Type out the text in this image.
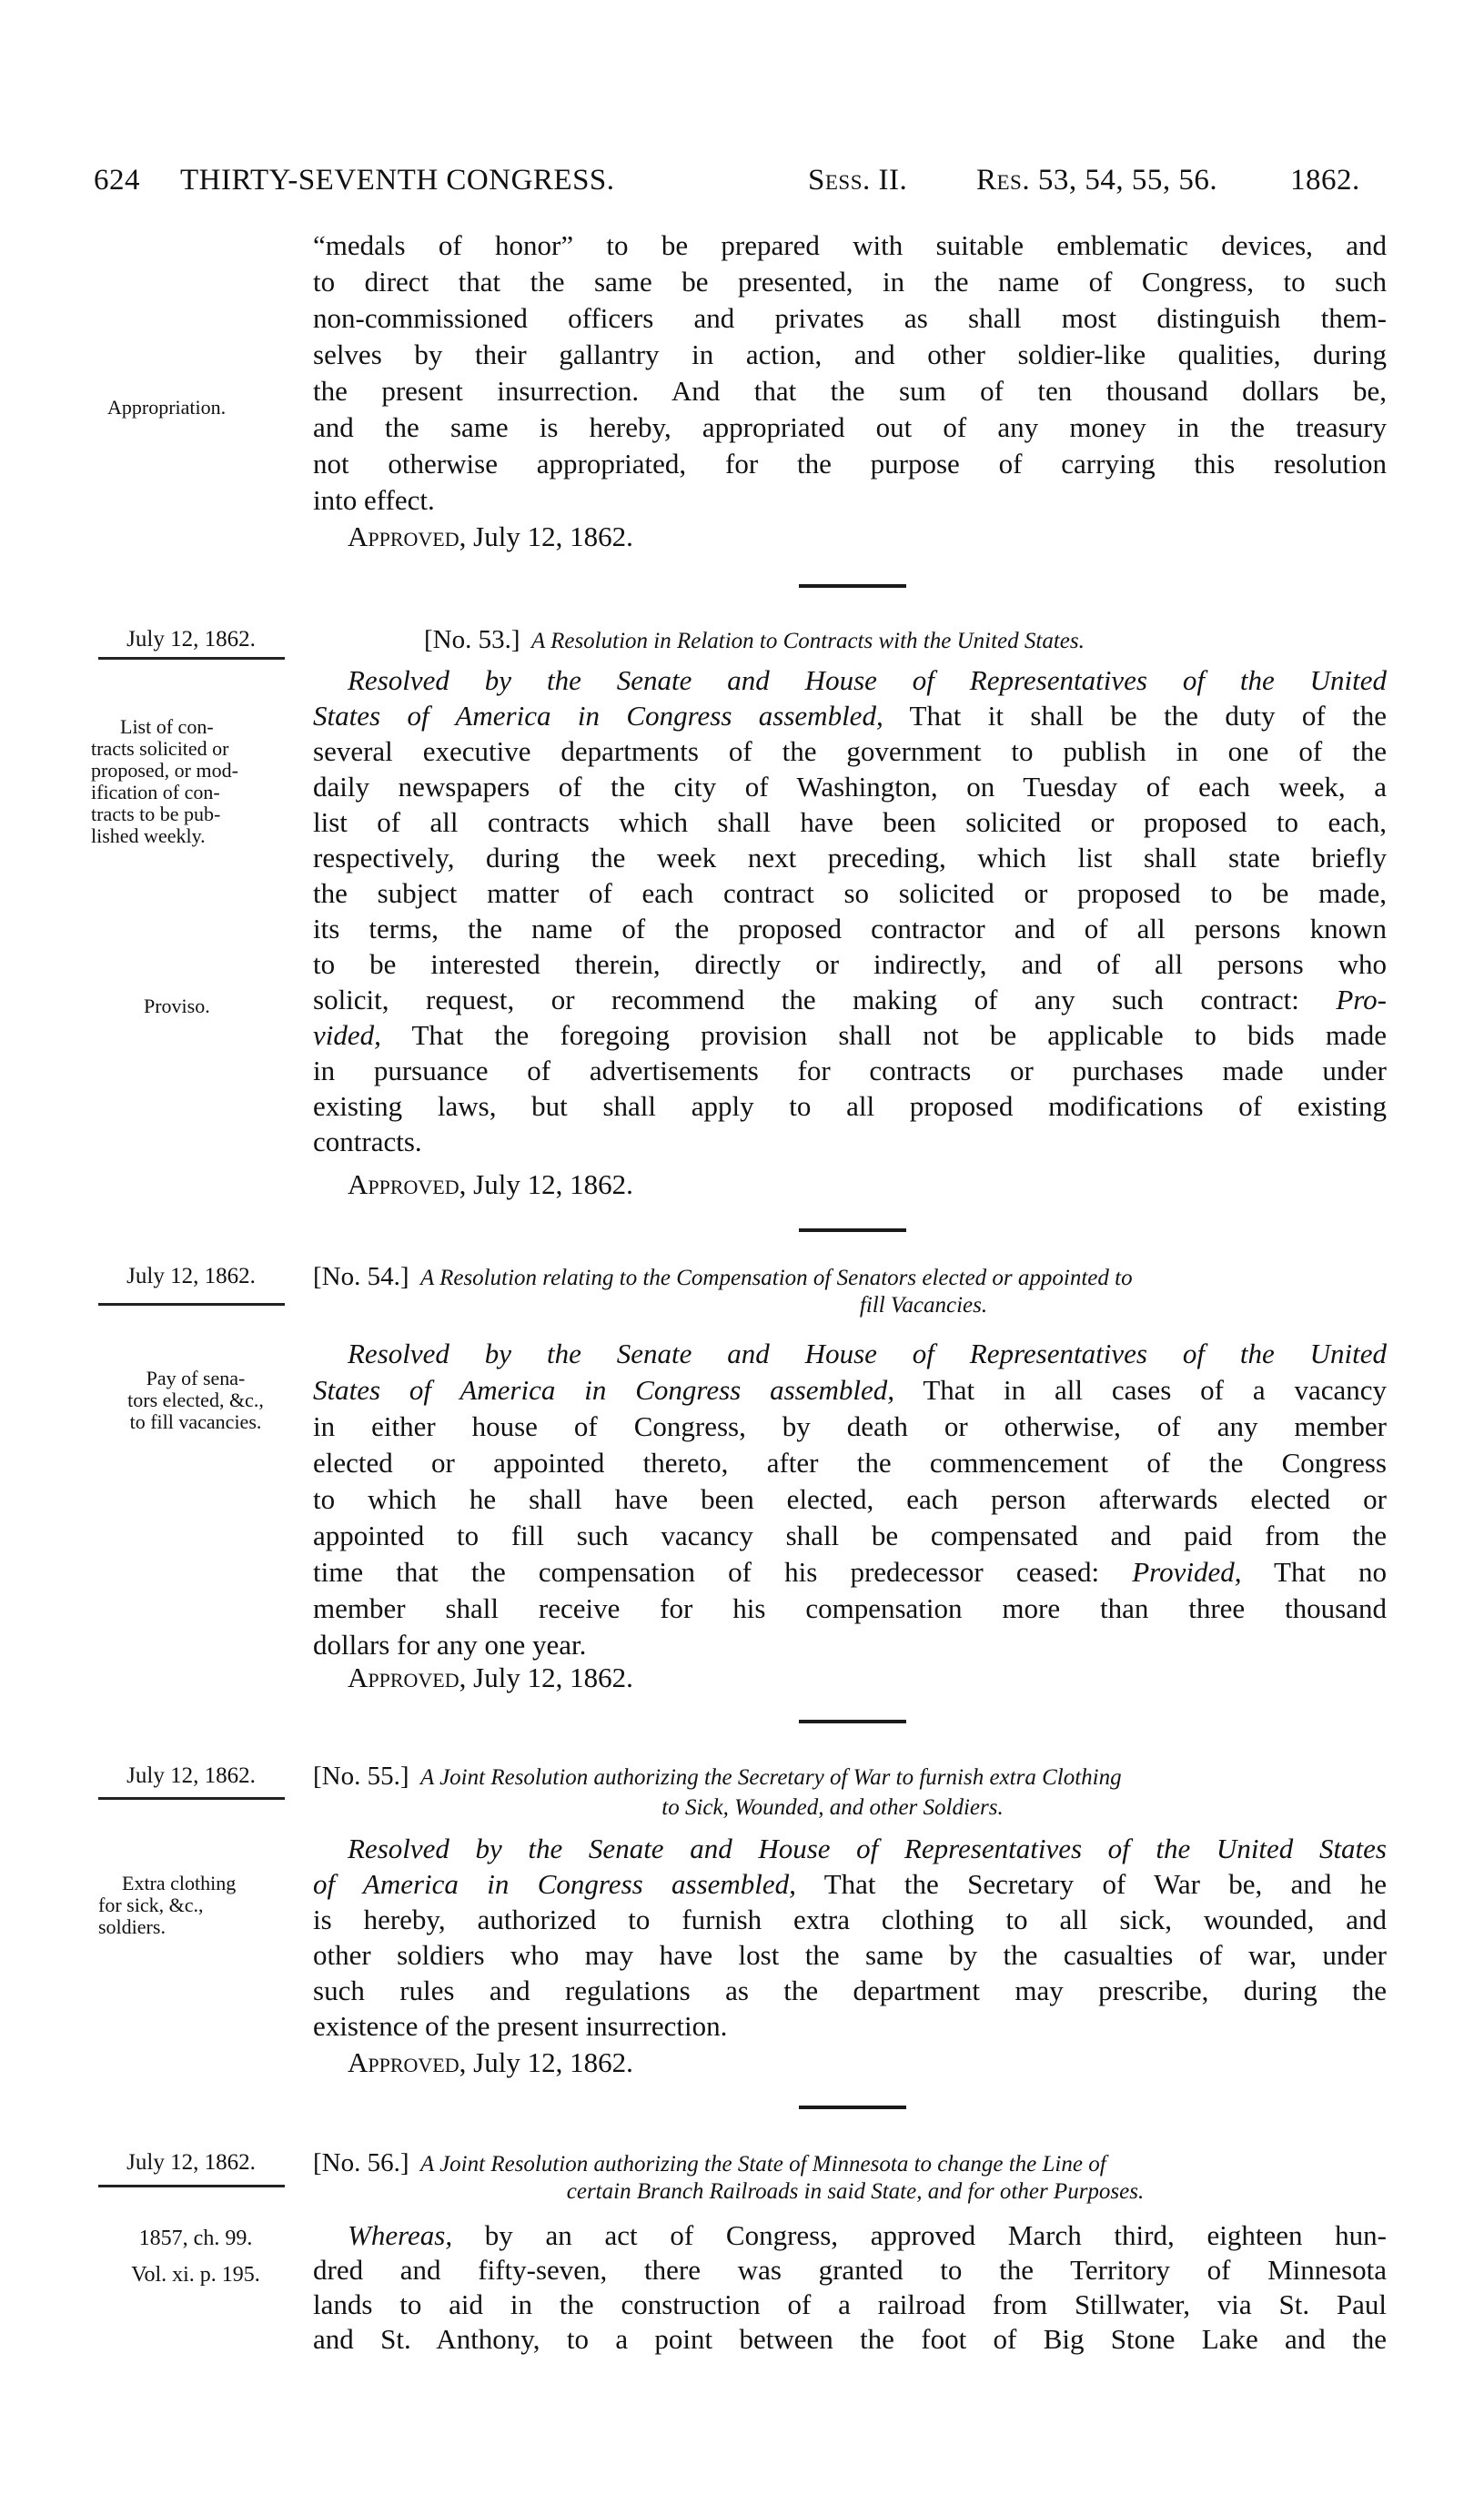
624	THIRTY-SEVENTH CONGRESS.	Sess. II.	Res. 53, 54, 55, 56.	1862.
Appropriation.
“medals of honor” to be prepared with suitable emblematic devices, and
to direct that the same be presented, in the name of Congress, to such
non-commissioned officers and privates as shall most distinguish them-
selves by their gallantry in action, and other soldier-like qualities, during
the present insurrection. And that the sum of ten thousand dollars be,
and the same is hereby, appropriated out of any money in the treasury
not otherwise appropriated, for the purpose of carrying this resolution
into effect.
Approved, July 12, 1862.
July 12, 1862.	[No. 53.] A Resolution in Relation to Contracts with the United States.
List of con-
tracts solicited or
proposed, or mod-
ification of con-
tracts to be pub-
lished weekly.
Proviso.
Resolved by the Senate and House of Representatives of the United
States of America in Congress assembled, That it shall be the duty of the
several executive departments of the government to publish in one of the
daily newspapers of the city of Washington, on Tuesday of each week, a
list of all contracts which shall have been solicited or proposed to each,
respectively, during the week next preceding, which list shall state briefly
the subject matter of each contract so solicited or proposed to be made,
its terms, the name of the proposed contractor and of all persons known
to be interested therein, directly or indirectly, and of all persons who
solicit, request, or recommend the making of any such contract: Pro-
vided, That the foregoing provision shall not be applicable to bids made
in pursuance of advertisements for contracts or purchases made under
existing laws, but shall apply to all proposed modifications of existing
contracts.
Approved, July 12, 1862.
July 12, 1862.	[No. 54.] A Resolution relating to the Compensation of Senators elected or appointed to
fill Vacancies.
Pay of sena-
tors elected, &c.,
to fill vacancies.
Resolved by the Senate and House of Representatives of the United
States of America in Congress assembled, That in all cases of a vacancy
in either house of Congress, by death or otherwise, of any member
elected or appointed thereto, after the commencement of the Congress
to which he shall have been elected, each person afterwards elected or
appointed to fill such vacancy shall be compensated and paid from the
time that the compensation of his predecessor ceased: Provided, That no
member shall receive for his compensation more than three thousand
dollars for any one year.
Approved, July 12, 1862.
July 12, 1862.	[No. 55.] A Joint Resolution authorizing the Secretary of War to furnish extra Clothing
to Sick, Wounded, and other Soldiers.
Extra clothing
for sick, &c.,
soldiers.
Resolved by the Senate and House of Representatives of the United States
of America in Congress assembled, That the Secretary of War be, and he
is hereby, authorized to furnish extra clothing to all sick, wounded, and
other soldiers who may have lost the same by the casualties of war, under
such rules and regulations as the department may prescribe, during the
existence of the present insurrection.
Approved, July 12, 1862.
July 12, 1862.	[No. 56.] A Joint Resolution authorizing the State of Minnesota to change the Line of
certain Branch Railroads in said State, and for other Purposes.
1857, ch. 99.
Vol. xi. p. 195.
Whereas, by an act of Congress, approved March third, eighteen hun-
dred and fifty-seven, there was granted to the Territory of Minnesota
lands to aid in the construction of a railroad from Stillwater, via St. Paul
and St. Anthony, to a point between the foot of Big Stone Lake and the
